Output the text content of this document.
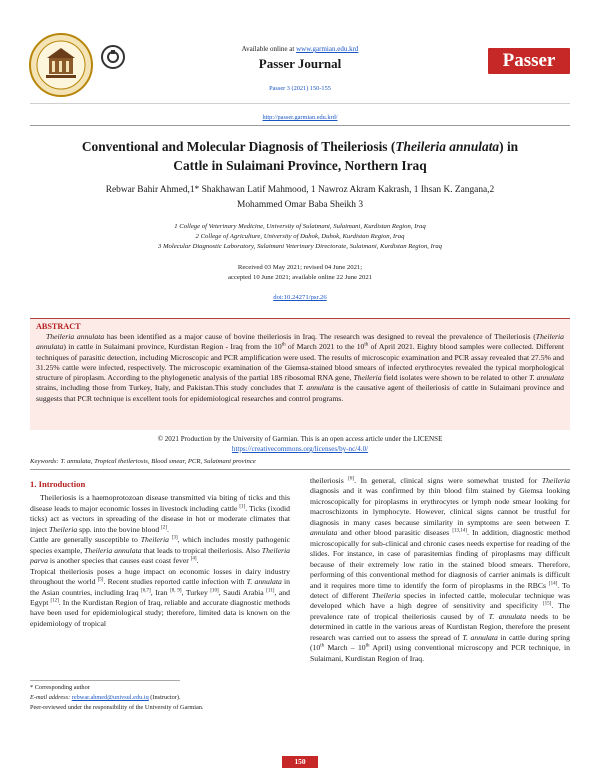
Available online at www.garmian.edu.krd
Passer Journal
Passer 3 (2021) 150-155
Passer
http://passer.garmian.edu.krd/
Conventional and Molecular Diagnosis of Theileriosis (Theileria annulata) in
Cattle in Sulaimani Province, Northern Iraq
Rebwar Bahir Ahmed,1* Shakhawan Latif Mahmood, 1 Nawroz Akram Kakrash, 1 Ihsan K. Zangana,2
Mohammed Omar Baba Sheikh 3
1 College of Veterinary Medicine, University of Sulaimani, Sulaimani, Kurdistan Region, Iraq
2 College of Agriculture, University of Duhok, Duhok, Kurdistan Region, Iraq
3 Molecular Diagnostic Laboratory, Sulaimani Veterinary Directorate, Sulaimani, Kurdistan Region, Iraq
Received 03 May 2021; revised 04 June 2021;
accepted 10 June 2021; available online 22 June 2021
doi:10.24271/psr.26
ABSTRACT

Theileria annulata has been identified as a major cause of bovine theileriosis in Iraq. The research was designed to reveal the prevalence of Theileriosis (Theileria annulata) in cattle in Sulaimani province, Kurdistan Region - Iraq from the 10th of March 2021 to the 10th of April 2021. Eighty blood samples were collected. Different techniques of parasitic detection, including Microscopic and PCR amplification were used. The results of microscopic examination and PCR assay revealed that 27.5% and 31.25% cattle were infected, respectively. The microscopic examination of the Giemsa-stained blood smears of infected erythrocytes revealed the typical morphological structure of piroplasm. According to the phylogenetic analysis of the partial 18S ribosomal RNA gene, Theileria field isolates were shown to be related to other T. annulata strains, including those from Turkey, Italy, and Pakistan.This study concludes that T. annulata is the causative agent of theileriosis of cattle in Sulaimani province and suggests that PCR technique is excellent tools for epidemiological researches and control programs.

© 2021 Production by the University of Garmian. This is an open access article under the LICENSE
https://creativecommons.org/licenses/by-nc/4.0/
Keywords: T. annulata, Tropical theileriosis, Blood smear, PCR, Sulaimani province
1. Introduction

Theileriosis is a haemoprotozoan disease transmitted via biting of ticks and this disease leads to major economic losses in livestock including cattle [1]. Ticks (ixodid ticks) act as vectors in spreading of the disease in hot or moderate climates that inject Theileria spp. into the bovine blood [2].

Cattle are generally susceptible to Theileria [3], which includes mostly pathogenic species example, Theileria annulata that leads to tropical theileriosis. Also Theileria parva is another species that causes east coast fever [4].

Tropical theileriosis poses a huge impact on economic losses in dairy industry throughout the world [5]. Recent studies reported cattle infection with T. annulata in the Asian countries, including Iraq [6,7], Iran [8, 9], Turkey [10], Saudi Arabia [11], and Egypt [12]. In the Kurdistan Region of Iraq, reliable and accurate diagnostic methods have been used for epidemiological study; therefore, limited data is known on the epidemiology of tropical

theileriosis [6]. In general, clinical signs were somewhat trusted for Theileria diagnosis and it was confirmed by thin blood film stained by Giemsa looking microscopically for piroplasms in erythrocytes or lymph node smear looking for macroschizonts in lymphocyte. However, clinical signs cannot be trustful for diagnosis in many cases because similarity in symptoms are seen between T. annulata and other blood parasitic diseases [13,14]. In addition, diagnostic method microscopically for sub-clinical and chronic cases needs expertise for reading of the slides. For instance, in case of parasitemias finding of piroplasms may difficult because of their extremely low ratio in the stained blood smears. Therefore, performing of this conventional method for diagnosis of carrier animals is difficult and it requires more time to identify the form of piroplasms in the RBCs [14]. To detect of different Theileria species in infected cattle, molecular technique was developed which have a high degree of sensitivity and specificity [15]. The prevalence rate of tropical theileriosis caused by of T. annulata needs to be determined in cattle in the various areas of Kurdistan Region, therefore the present research was carried out to assess the spread of T. annulata in cattle during spring (10th March – 10th April) using conventional microscopy and PCR technique, in Sulaimani, Kurdistan Region of Iraq.

* Corresponding author
E-mail address: rebwar.ahmed@univsul.edu.iq (Instructor).
Peer-reviewed under the responsibility of the University of Garmian.
150
